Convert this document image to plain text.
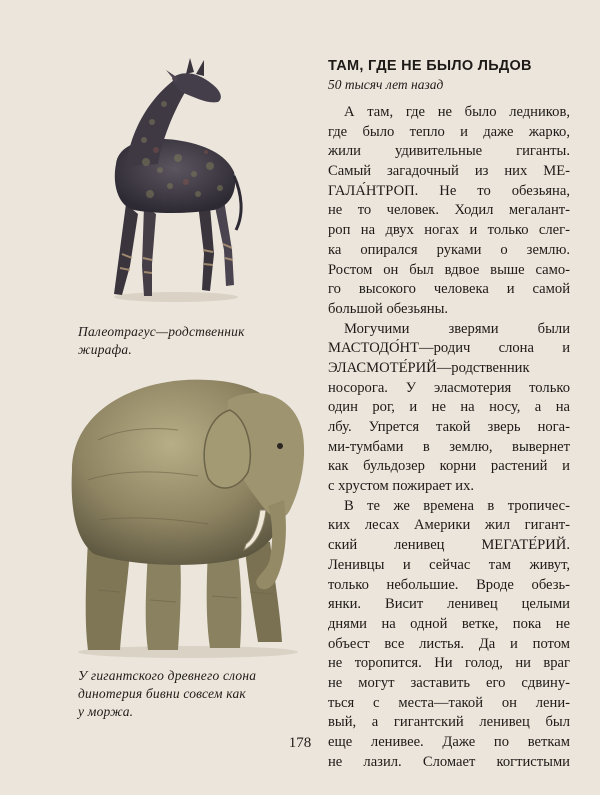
Палеотрагус—родственник
жирафа.
У гигантского древнего слона
динотерия бивни совсем как
у моржа.
ТАМ, ГДЕ НЕ БЫЛО ЛЬДОВ
50 тысяч лет назад
А там, где не было ледников,
где было тепло и даже жарко,
жили удивительные гиганты.
Самый загадочный из них МЕ-
ГАЛА́НТРОП. Не то обезьяна,
не то человек. Ходил мегалант-
роп на двух ногах и только слег-
ка опирался руками о землю.
Ростом он был вдвое выше само-
го высокого человека и самой
большой обезьяны.
Могучими зверями были
МАСТОДО́НТ—родич слона и
ЭЛАСМОТЕ́РИЙ—родственник
носорога. У эласмотерия только
один рог, и не на носу, а на
лбу. Упрется такой зверь нога-
ми-тумбами в землю, вывернет
как бульдозер корни растений и
с хрустом пожирает их.
В те же времена в тропичес-
ких лесах Америки жил гигант-
ский ленивец МЕГАТЕ́РИЙ.
Ленивцы и сейчас там живут,
только небольшие. Вроде обезь-
янки. Висит ленивец целыми
днями на одной ветке, пока не
объест все листья. Да и потом
не торопится. Ни голод, ни враг
не могут заставить его сдвину-
ться с места—такой он лени-
вый, а гигантский ленивец был
еще ленивее. Даже по веткам
не лазил. Сломает когтистыми
178
